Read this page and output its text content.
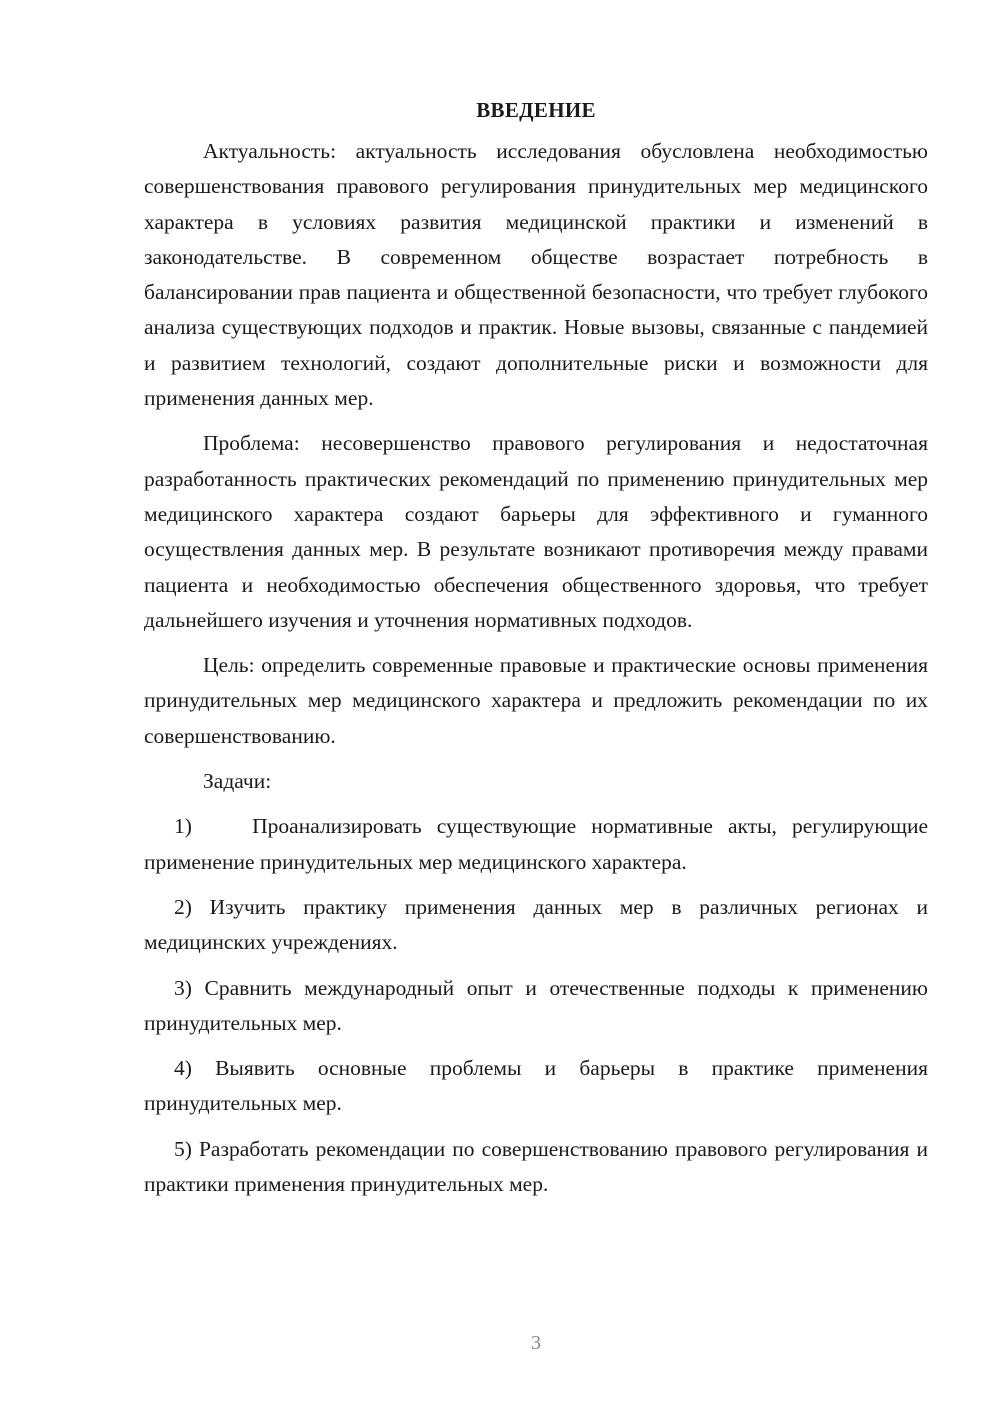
ВВЕДЕНИЕ

Актуальность: актуальность исследования обусловлена необходимостью совершенствования правового регулирования принудительных мер медицинского характера в условиях развития медицинской практики и изменений в законодательстве. В современном обществе возрастает потребность в балансировании прав пациента и общественной безопасности, что требует глубокого анализа существующих подходов и практик. Новые вызовы, связанные с пандемией и развитием технологий, создают дополнительные риски и возможности для применения данных мер.

Проблема: несовершенство правового регулирования и недостаточная разработанность практических рекомендаций по применению принудительных мер медицинского характера создают барьеры для эффективного и гуманного осуществления данных мер. В результате возникают противоречия между правами пациента и необходимостью обеспечения общественного здоровья, что требует дальнейшего изучения и уточнения нормативных подходов.

Цель: определить современные правовые и практические основы применения принудительных мер медицинского характера и предложить рекомендации по их совершенствованию.

Задачи:

1)    Проанализировать существующие нормативные акты, регулирующие применение принудительных мер медицинского характера.

2) Изучить практику применения данных мер в различных регионах и медицинских учреждениях.

3) Сравнить международный опыт и отечественные подходы к применению принудительных мер.

4) Выявить основные проблемы и барьеры в практике применения принудительных мер.

5) Разработать рекомендации по совершенствованию правового регулирования и практики применения принудительных мер.

3
